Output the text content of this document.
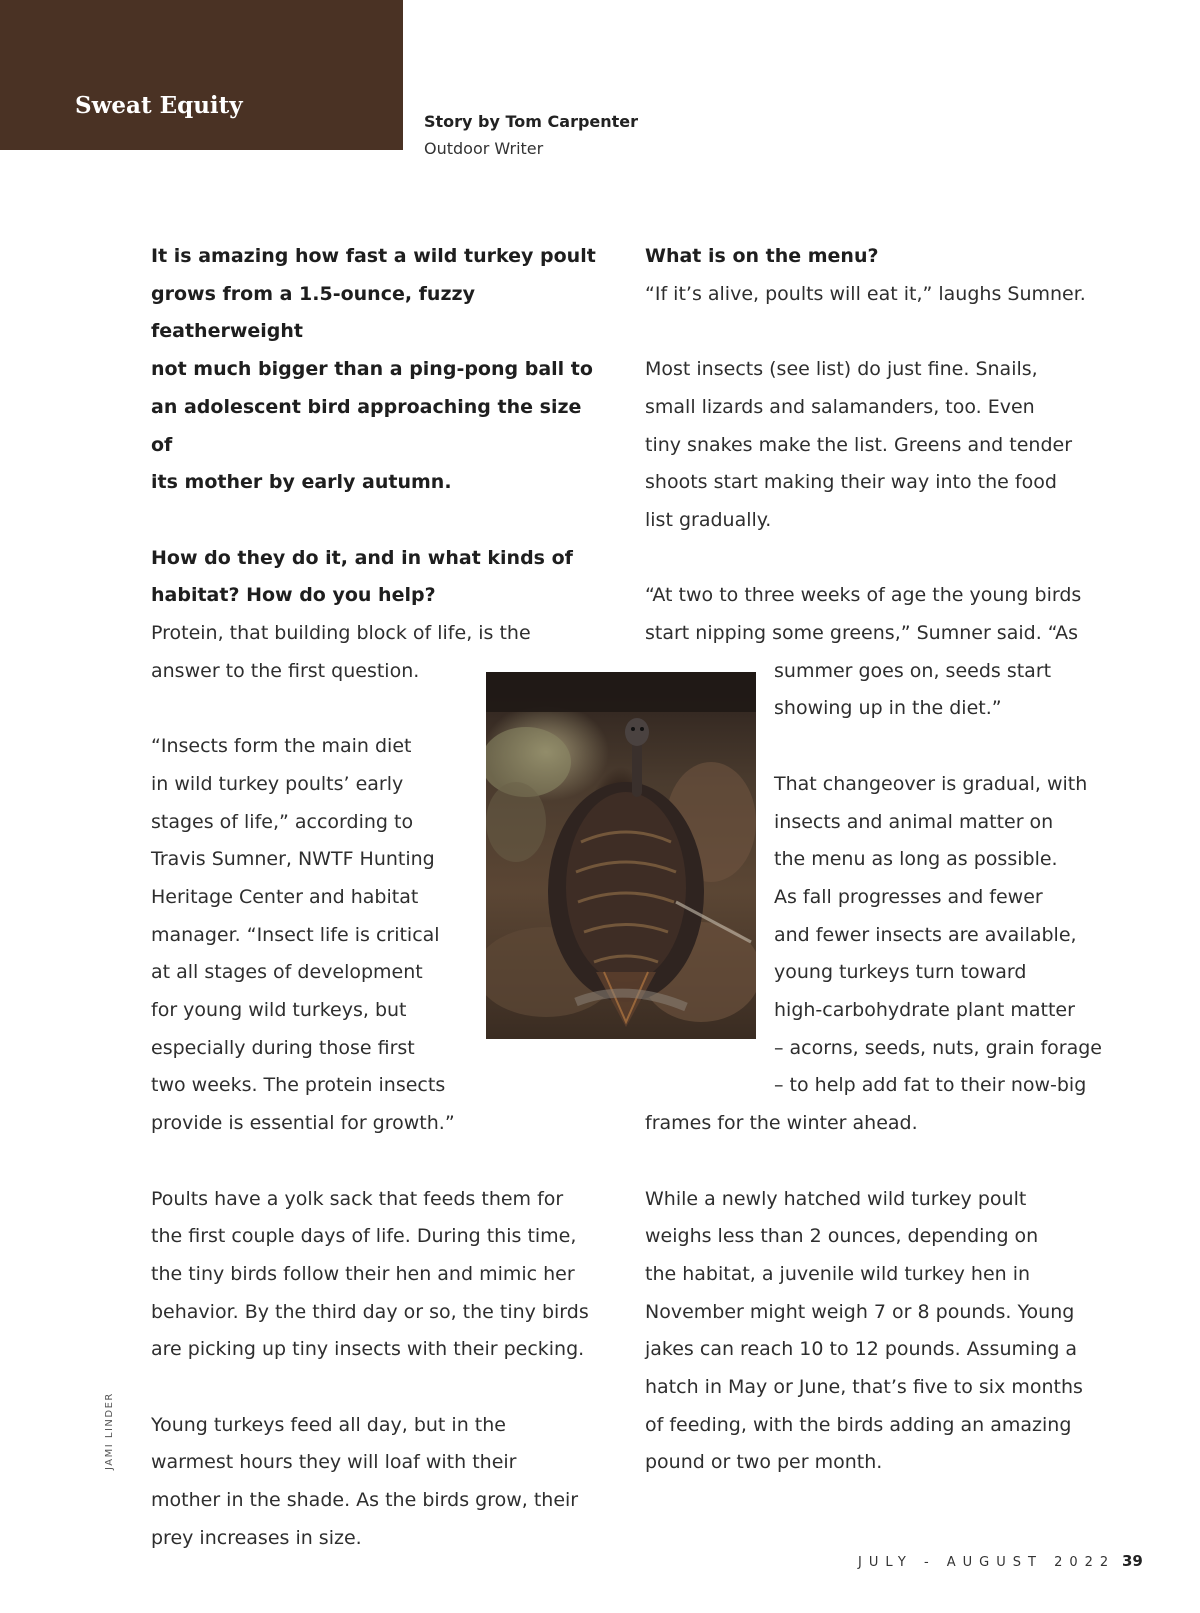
Sweat Equity
Story by Tom Carpenter
Outdoor Writer

It is amazing how fast a wild turkey poult

grows from a 1.5-ounce, fuzzy featherweight

not much bigger than a ping-pong ball to

an adolescent bird approaching the size of

its mother by early autumn.

How do they do it, and in what kinds of

habitat? How do you help?

Protein, that building block of life, is the

answer to the first question.

“Insects form the main diet

in wild turkey poults’ early

stages of life,” according to

Travis Sumner, NWTF Hunting

Heritage Center and habitat

manager. “Insect life is critical

at all stages of development

for young wild turkeys, but

especially during those first

two weeks. The protein insects

provide is essential for growth.”

Poults have a yolk sack that feeds them for

the first couple days of life. During this time,

the tiny birds follow their hen and mimic her

behavior. By the third day or so, the tiny birds

are picking up tiny insects with their pecking.

Young turkeys feed all day, but in the

warmest hours they will loaf with their

mother in the shade. As the birds grow, their

prey increases in size.

What is on the menu?

“If it’s alive, poults will eat it,” laughs Sumner.

Most insects (see list) do just fine. Snails,

small lizards and salamanders, too. Even

tiny snakes make the list. Greens and tender

shoots start making their way into the food

list gradually.

“At two to three weeks of age the young birds

start nipping some greens,” Sumner said. “As

summer goes on, seeds start

showing up in the diet.”

That changeover is gradual, with

insects and animal matter on

the menu as long as possible.

As fall progresses and fewer

and fewer insects are available,

young turkeys turn toward

high-carbohydrate plant matter

– acorns, seeds, nuts, grain forage

– to help add fat to their now-big

frames for the winter ahead.

While a newly hatched wild turkey poult

weighs less than 2 ounces, depending on

the habitat, a juvenile wild turkey hen in

November might weigh 7 or 8 pounds. Young

jakes can reach 10 to 12 pounds. Assuming a

hatch in May or June, that’s five to six months

of feeding, with the birds adding an amazing

pound or two per month.

JAMI LINDER
JULY - AUGUST 2022 39
